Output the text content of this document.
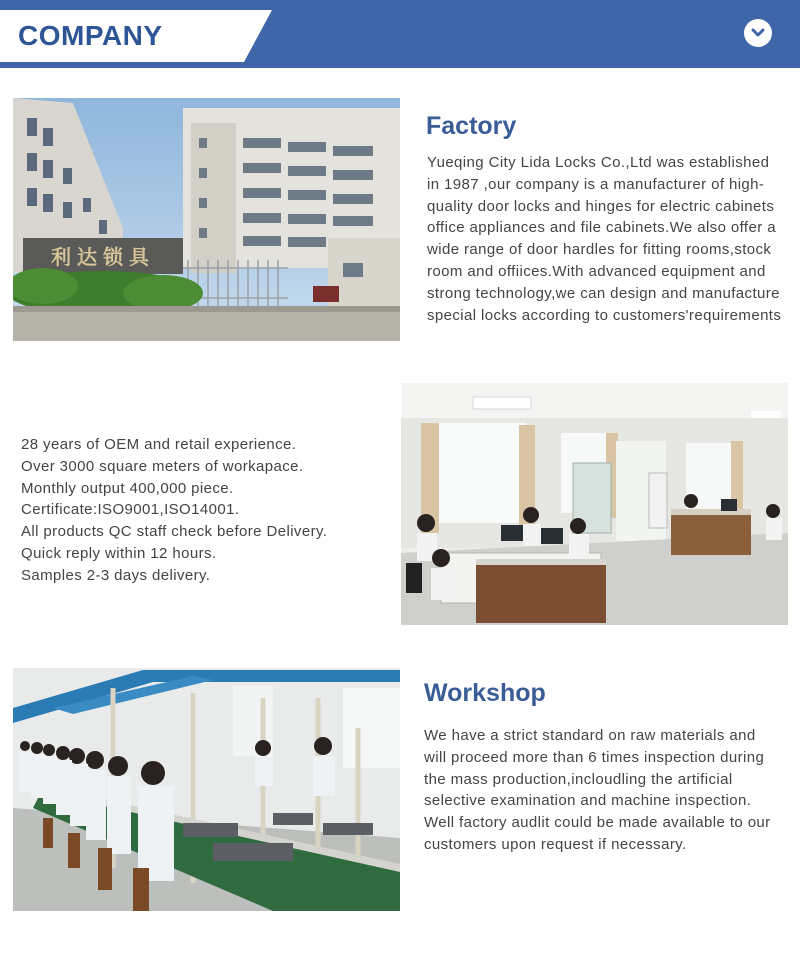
COMPANY
利达锁具
Factory
Yueqing City Lida Locks Co.,Ltd was established
in 1987 ,our company is a manufacturer of high-
quality door locks and hinges for electric cabinets
office appliances and file cabinets.We also offer a
wide range of door hardles for fitting rooms,stock
room and offiices.With advanced equipment and
strong technology,we can design and manufacture
special locks according to customers'requirements
28 years of OEM and retail experience.
Over 3000 square meters of workapace.
Monthly output 400,000 piece.
Certificate:ISO9001,ISO14001.
All products QC staff check before Delivery.
Quick reply within 12 hours.
Samples 2-3 days delivery.
Workshop
We have a strict standard on raw materials and
will proceed more than 6 times inspection during
the mass production,incloudling the artificial
selective examination and machine inspection.
Well factory audlit could be made available to our
customers upon request if necessary.
